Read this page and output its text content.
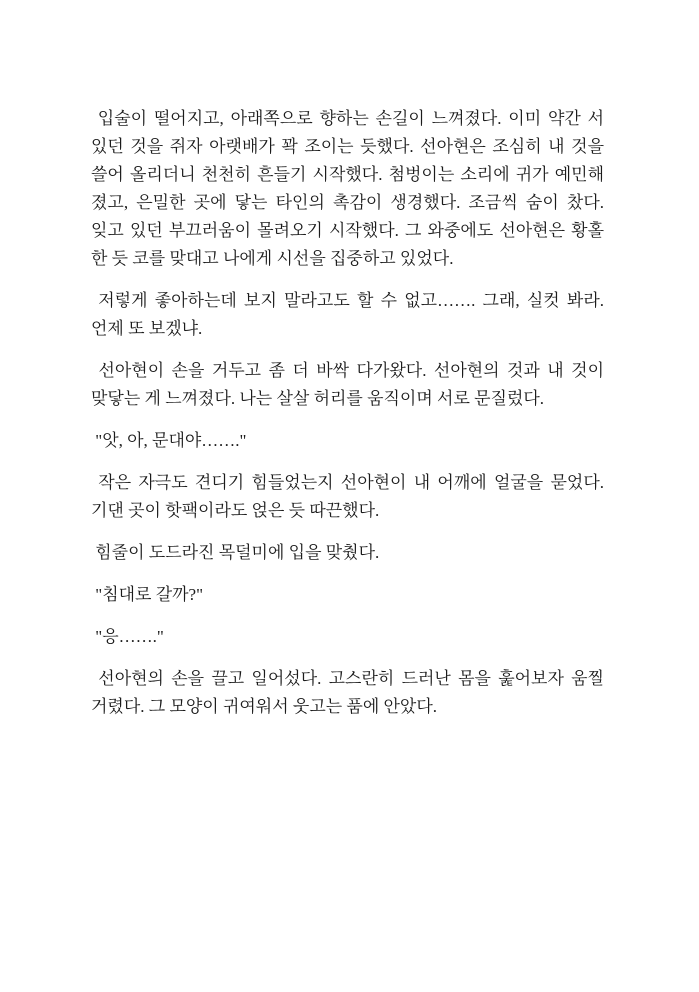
입술이 떨어지고, 아래쪽으로 향하는 손길이 느껴졌다. 이미 약간 서
있던 것을 쥐자 아랫배가 꽉 조이는 듯했다. 선아현은 조심히 내 것을
쓸어 올리더니 천천히 흔들기 시작했다. 첨벙이는 소리에 귀가 예민해
졌고, 은밀한 곳에 닿는 타인의 촉감이 생경했다. 조금씩 숨이 찼다.
잊고 있던 부끄러움이 몰려오기 시작했다. 그 와중에도 선아현은 황홀
한 듯 코를 맞대고 나에게 시선을 집중하고 있었다.
저렇게 좋아하는데 보지 말라고도 할 수 없고……. 그래, 실컷 봐라.
언제 또 보겠냐.
선아현이 손을 거두고 좀 더 바싹 다가왔다. 선아현의 것과 내 것이
맞닿는 게 느껴졌다. 나는 살살 허리를 움직이며 서로 문질렀다.
"앗, 아, 문대야……."
작은 자극도 견디기 힘들었는지 선아현이 내 어깨에 얼굴을 묻었다.
기댄 곳이 핫팩이라도 얹은 듯 따끈했다.
힘줄이 도드라진 목덜미에 입을 맞췄다.
"침대로 갈까?"
"응……."
선아현의 손을 끌고 일어섰다. 고스란히 드러난 몸을 훑어보자 움찔
거렸다. 그 모양이 귀여워서 웃고는 품에 안았다.
